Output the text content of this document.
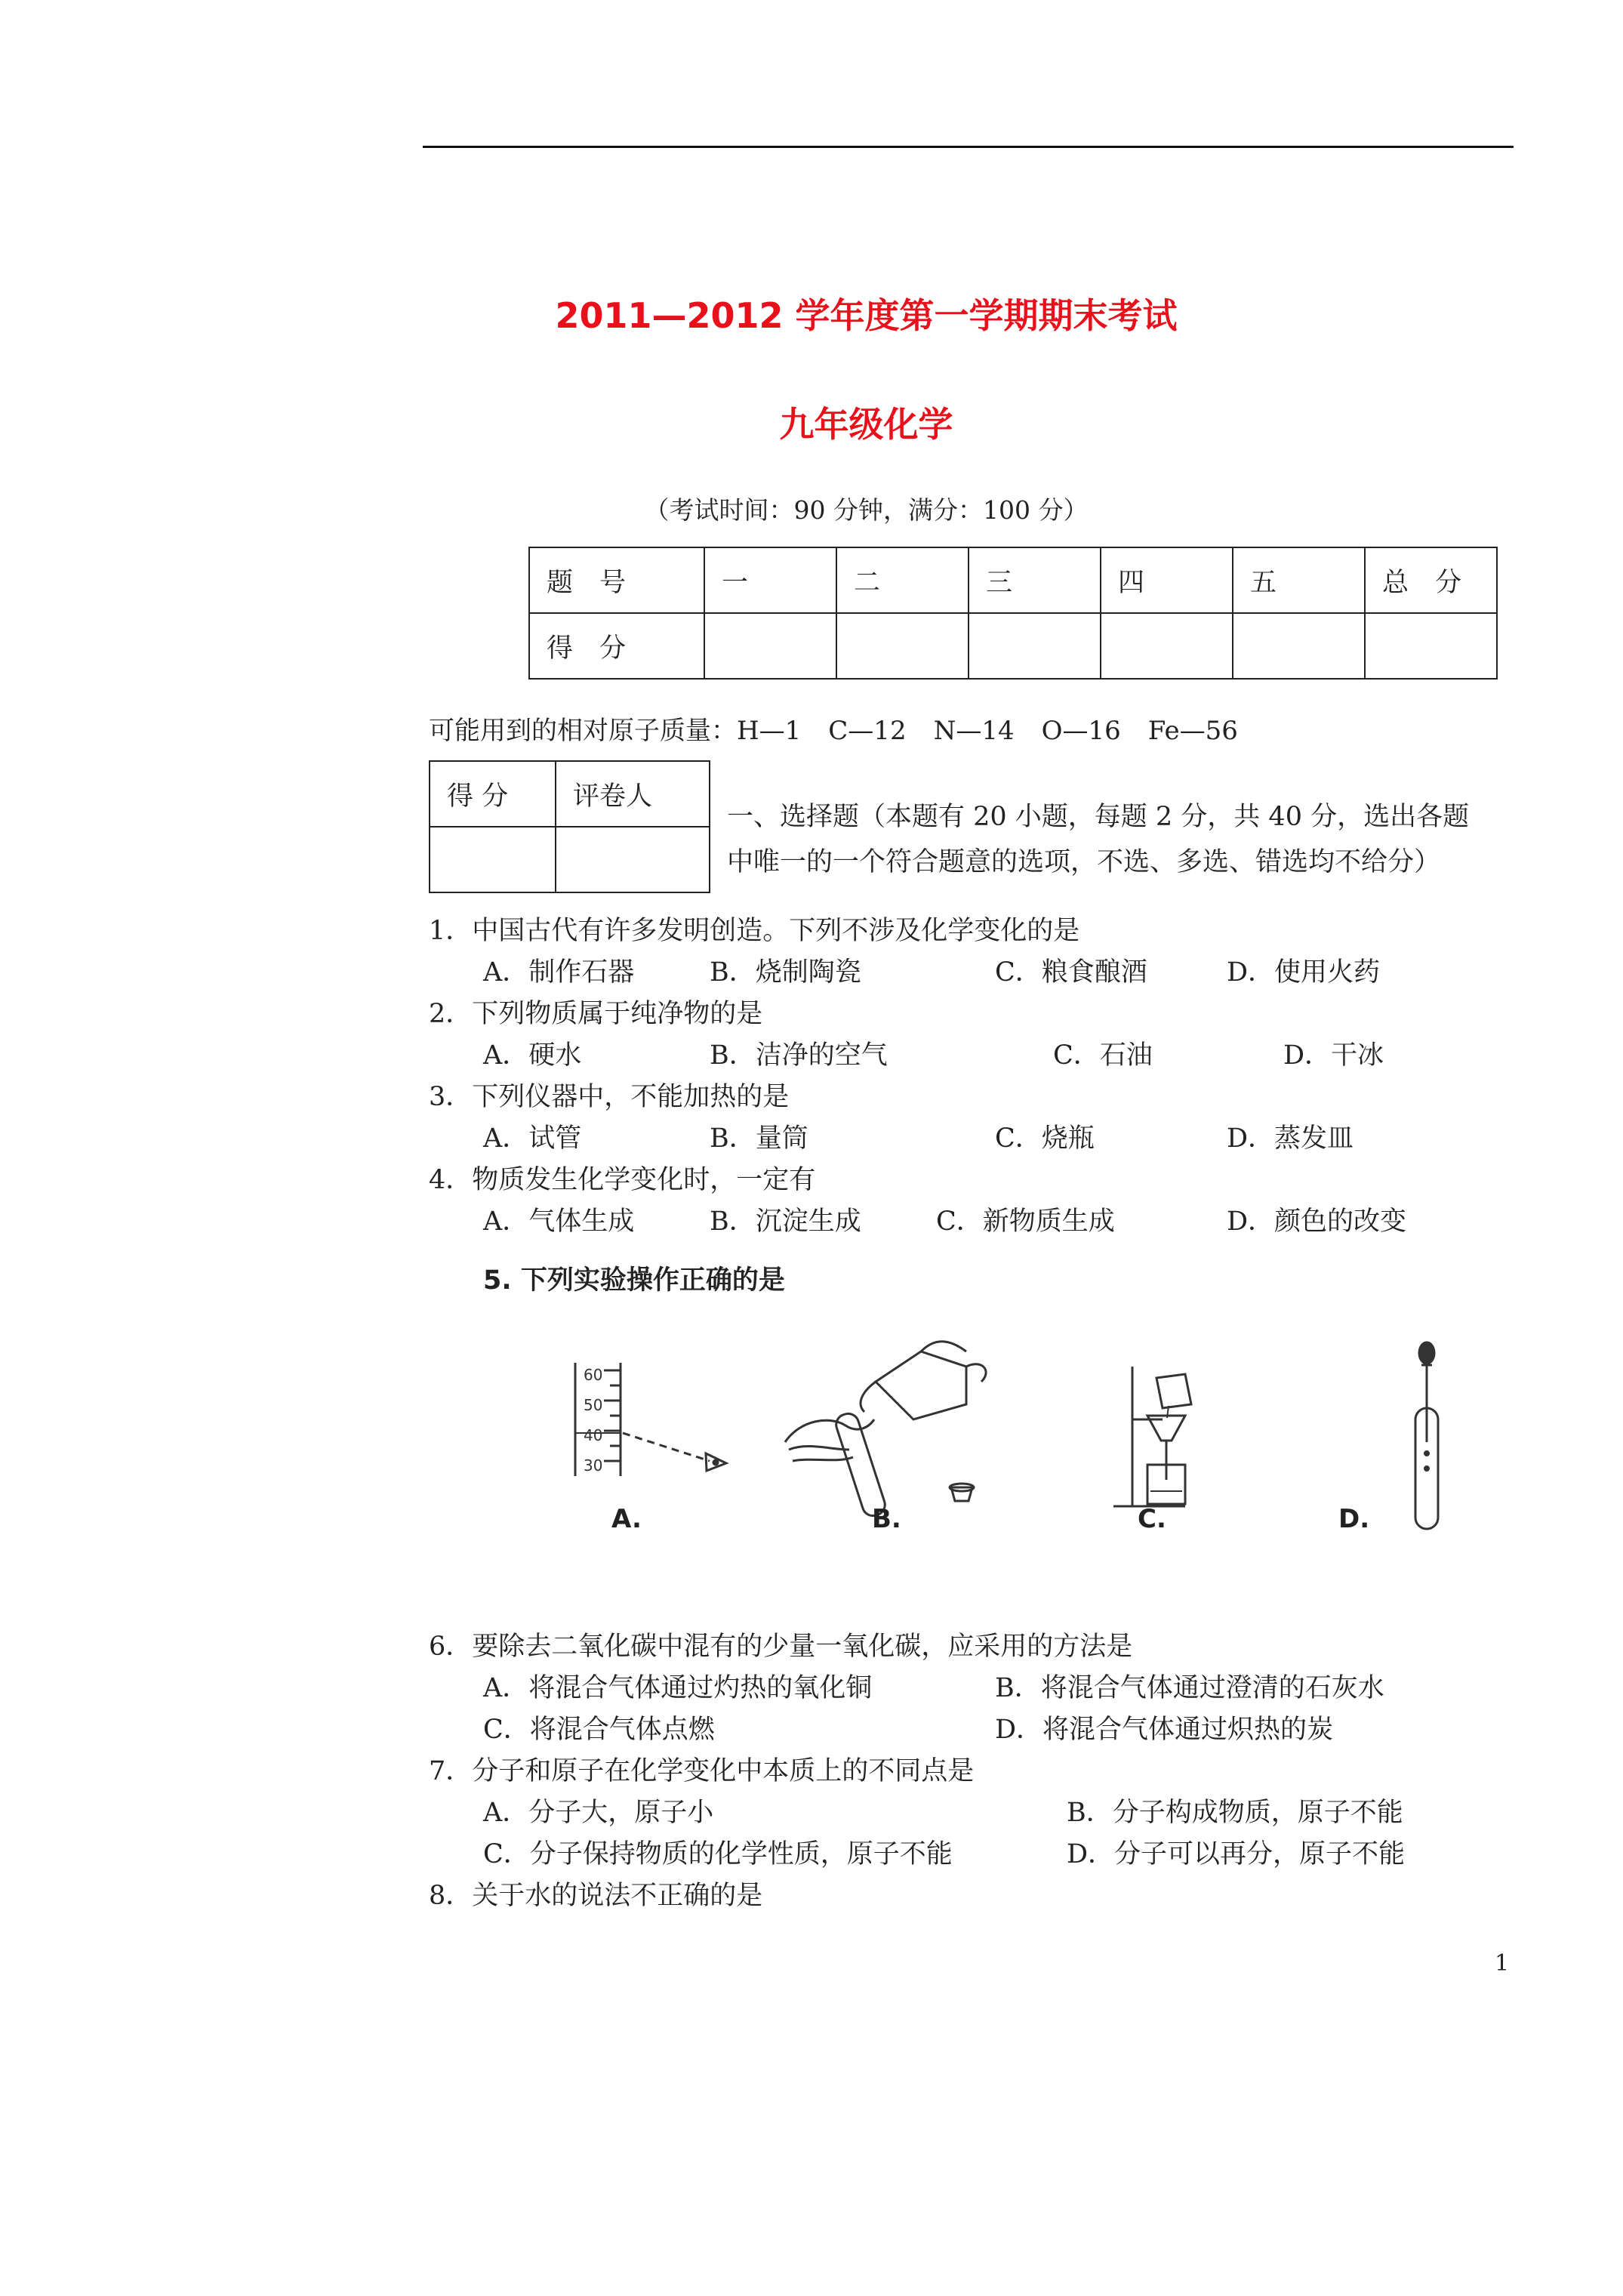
2011—2012 学年度第一学期期末考试
九年级化学
（考试时间：90 分钟，满分：100 分）
题　号	一	二	三	四	五	总　分
得　分						
可能用到的相对原子质量：H—1 C—12 N—14 O—16 Fe—56
得 分	评卷人

一、选择题（本题有 20 小题，每题 2 分，共 40 分，选出各题
中唯一的一个符合题意的选项，不选、多选、错选均不给分）
1．中国古代有许多发明创造。下列不涉及化学变化的是
A．制作石器	B．烧制陶瓷	C．粮食酿酒	D．使用火药
2．下列物质属于纯净物的是
A．硬水	B．洁净的空气	C．石油	D．干冰
3．下列仪器中，不能加热的是
A．试管	B．量筒	C．烧瓶	D．蒸发皿
4．物质发生化学变化时，一定有
A．气体生成	B．沉淀生成	C．新物质生成	D．颜色的改变
5. 下列实验操作正确的是
60
50
40
30
A.	B.	C.	D.
6．要除去二氧化碳中混有的少量一氧化碳，应采用的方法是
A．将混合气体通过灼热的氧化铜	B．将混合气体通过澄清的石灰水
C．将混合气体点燃	D．将混合气体通过炽热的炭
7．分子和原子在化学变化中本质上的不同点是
A．分子大，原子小	B．分子构成物质，原子不能
C．分子保持物质的化学性质，原子不能	D．分子可以再分，原子不能
8．关于水的说法不正确的是
1
